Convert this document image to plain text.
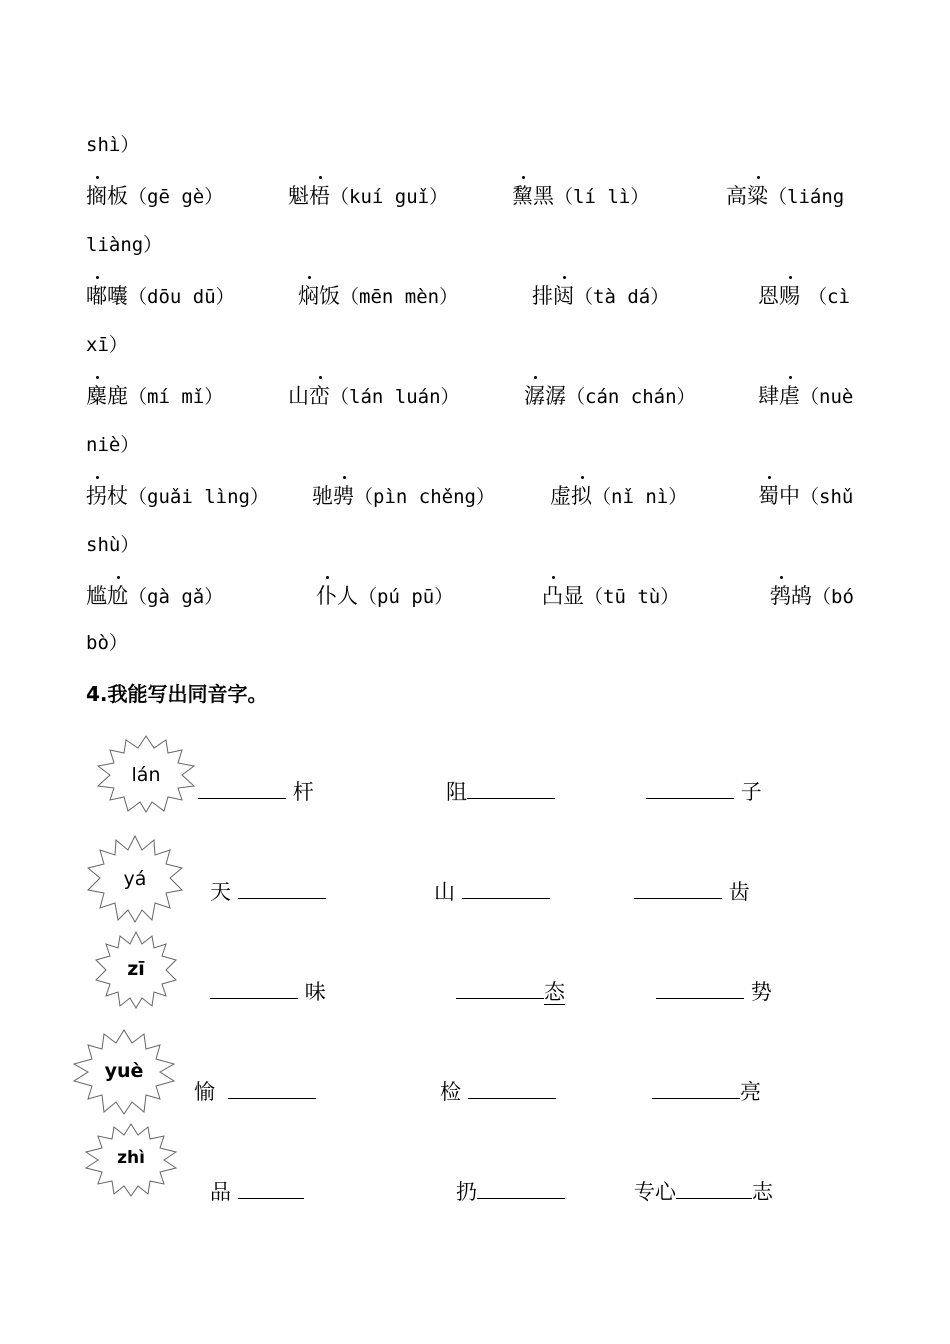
shì）
搁板（gē gè）	魁梧（kuí guǐ）	黧黑（lí lì）	高粱（liáng
liàng）
嘟囔（dōu dū）	焖饭（mēn mèn）	排闼（tà dá）	恩赐 （cì
xī）
麋鹿（mí mǐ）	山峦（lán luán）	潺潺（cán chán）	肆虐（nuè
niè）
拐杖（guǎi lìng） 驰骋（pìn chěng）	虚拟（nǐ nì）	蜀中（shǔ
shù）
尴尬（gà gǎ）	仆人（pú pū）	凸显（tū tù）	鹁鸪（bó
bò）
4.我能写出同音字。
lán
杆	阻	子
yá
天	山	齿
zī
味	态	势
yuè
愉	检	亮
zhì
品	扔	专心	志
